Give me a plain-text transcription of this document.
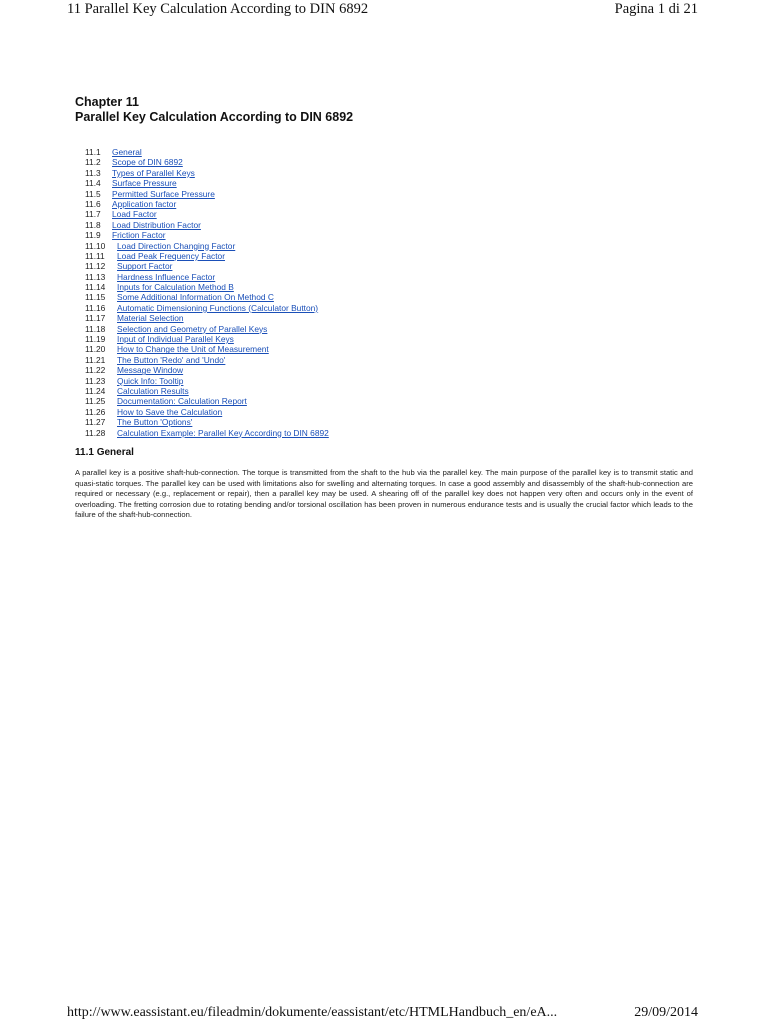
11 Parallel Key Calculation According to DIN 6892	Pagina 1 di 21
Chapter 11
Parallel Key Calculation According to DIN 6892
11.1	General
11.2	Scope of DIN 6892
11.3	Types of Parallel Keys
11.4	Surface Pressure
11.5	Permitted Surface Pressure
11.6	Application factor
11.7	Load Factor
11.8	Load Distribution Factor
11.9	Friction Factor
11.10	Load Direction Changing Factor
11.11	Load Peak Frequency Factor
11.12	Support Factor
11.13	Hardness Influence Factor
11.14	Inputs for Calculation Method B
11.15	Some Additional Information On Method C
11.16	Automatic Dimensioning Functions (Calculator Button)
11.17	Material Selection
11.18	Selection and Geometry of Parallel Keys
11.19	Input of Individual Parallel Keys
11.20	How to Change the Unit of Measurement
11.21	The Button 'Redo' and 'Undo'
11.22	Message Window
11.23	Quick Info: Tooltip
11.24	Calculation Results
11.25	Documentation: Calculation Report
11.26	How to Save the Calculation
11.27	The Button 'Options'
11.28	Calculation Example: Parallel Key According to DIN 6892
11.1 General

A parallel key is a positive shaft-hub-connection. The torque is transmitted from the shaft to the hub via the parallel key. The main purpose of the parallel key is to transmit static and quasi-static torques. The parallel key can be used with limitations also for swelling and alternating torques. In case a good assembly and disassembly of the shaft-hub-connection are required or necessary (e.g., replacement or repair), then a parallel key may be used. A shearing off of the parallel key does not happen very often and occurs only in the event of overloading. The fretting corrosion due to rotating bending and/or torsional oscillation has been proven in numerous endurance tests and is usually the crucial factor which leads to the failure of the shaft-hub-connection.

http://www.eassistant.eu/fileadmin/dokumente/eassistant/etc/HTMLHandbuch_en/eA...	29/09/2014
